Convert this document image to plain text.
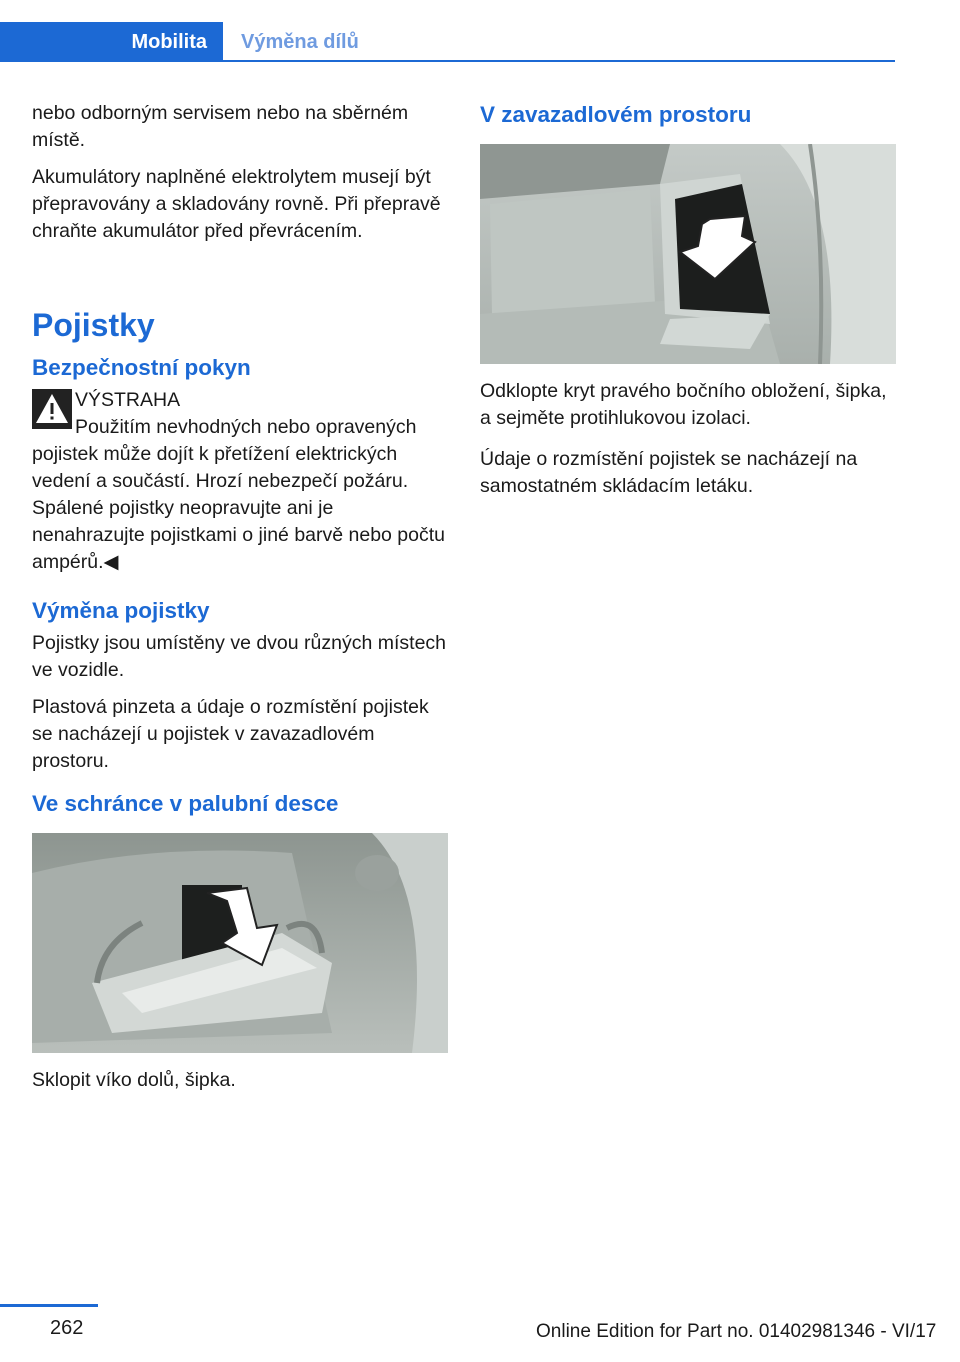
Mobilita	Výměna dílů

nebo odborným servisem nebo na sběrném místě.

Akumulátory naplněné elektrolytem musejí být přepravovány a skladovány rovně. Při přepravě chraňte akumulátor před převrácením.

Pojistky
Bezpečnostní pokyn
VÝSTRAHA
Použitím nevhodných nebo opravených pojistek může dojít k přetížení elektrických vedení a součástí. Hrozí nebezpečí požáru. Spálené pojistky neopravujte ani je nenahrazujte pojistkami o jiné barvě nebo počtu ampérů.◀
Výměna pojistky

Pojistky jsou umístěny ve dvou různých místech ve vozidle.

Plastová pinzeta a údaje o rozmístění pojistek se nacházejí u pojistek v zavazadlovém prostoru.

Ve schránce v palubní desce

Sklopit víko dolů, šipka.

V zavazadlovém prostoru

Odklopte kryt pravého bočního obložení, šipka, a sejměte protihlukovou izolaci.

Údaje o rozmístění pojistek se nacházejí na samostatném skládacím letáku.

262	Online Edition for Part no. 01402981346 - VI/17
